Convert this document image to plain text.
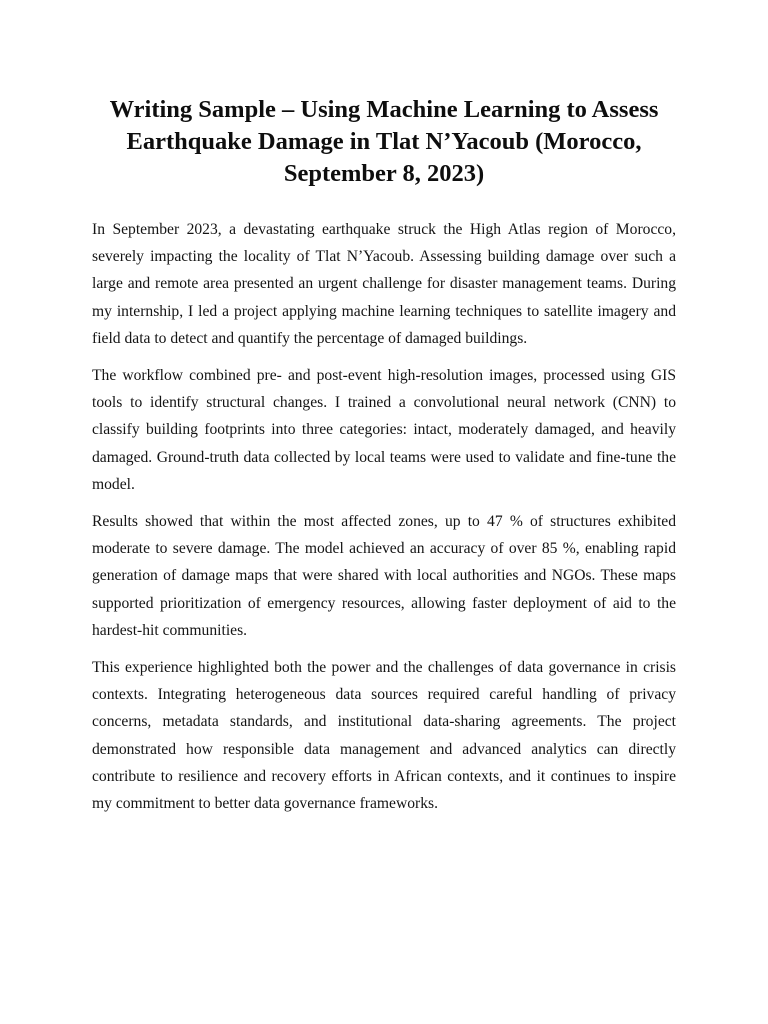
Writing Sample – Using Machine Learning to Assess
Earthquake Damage in Tlat N’Yacoub (Morocco,
September 8, 2023)

In September 2023, a devastating earthquake struck the High Atlas region of Morocco, severely impacting the locality of Tlat N’Yacoub. Assessing building damage over such a large and remote area presented an urgent challenge for disaster management teams. During my internship, I led a project applying machine learning techniques to satellite imagery and field data to detect and quantify the percentage of damaged buildings.

The workflow combined pre- and post-event high-resolution images, processed using GIS tools to identify structural changes. I trained a convolutional neural network (CNN) to classify building footprints into three categories: intact, moderately damaged, and heavily damaged. Ground-truth data collected by local teams were used to validate and fine-tune the model.

Results showed that within the most affected zones, up to 47 % of structures exhibited moderate to severe damage. The model achieved an accuracy of over 85 %, enabling rapid generation of damage maps that were shared with local authorities and NGOs. These maps supported prioritization of emergency resources, allowing faster deployment of aid to the hardest-hit communities.

This experience highlighted both the power and the challenges of data governance in crisis contexts. Integrating heterogeneous data sources required careful handling of privacy concerns, metadata standards, and institutional data-sharing agreements. The project demonstrated how responsible data management and advanced analytics can directly contribute to resilience and recovery efforts in African contexts, and it continues to inspire my commitment to better data governance frameworks.
